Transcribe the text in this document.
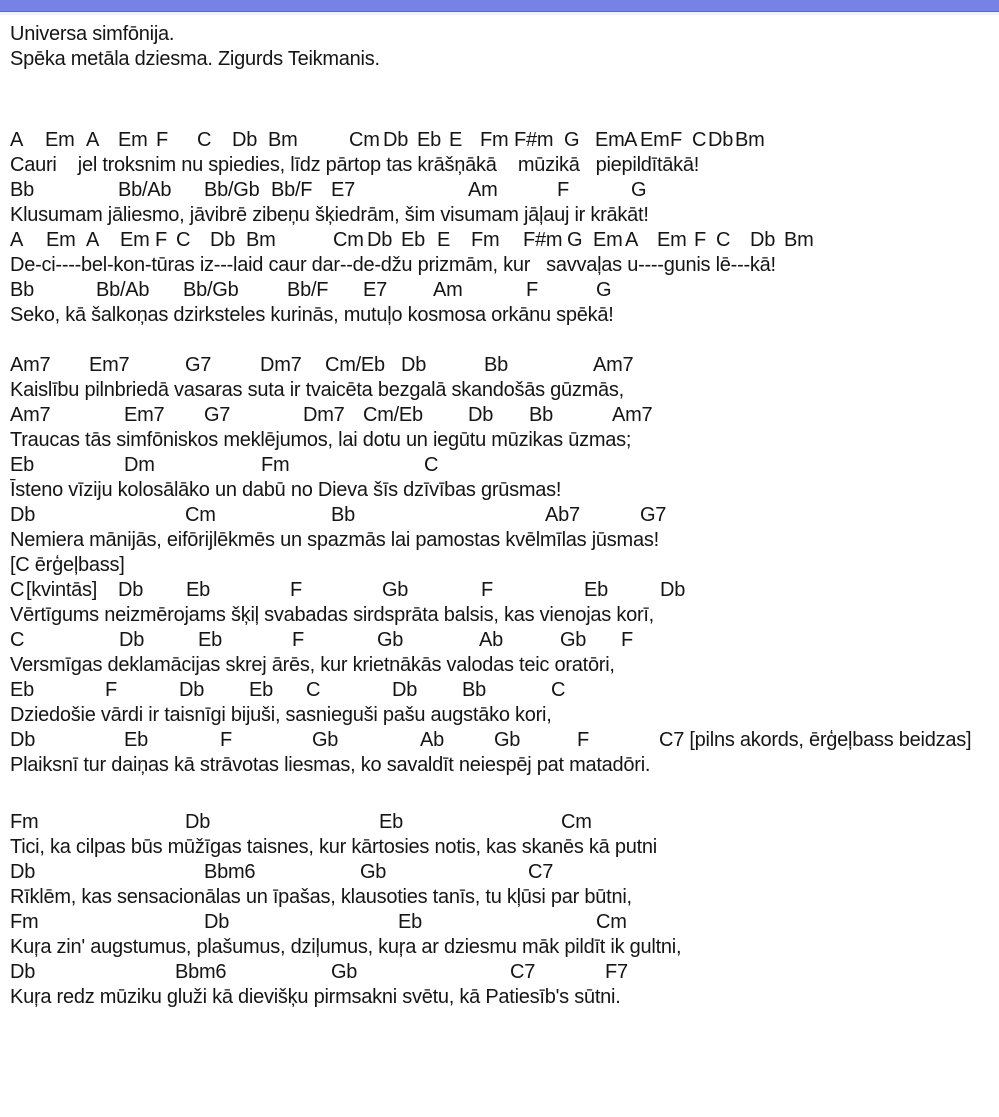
Universa simfōnija.
Spēka metāla dziesma. Zigurds Teikmanis.
A Em A Em F C Db Bm	Cm Db Eb E Fm F#m G Em A Em F C Db Bm
Cauri    jel troksnim nu spiedies, līdz pārtop tas krāšņākā    mūzikā   piepildītākā!
Bb	Bb/Ab Bb/Gb Bb/F E7	Am	F	G
Klusumam jāliesmo, jāvibrē zibeņu šķiedrām, šim visumam jāļauj ir krākāt!
A Em A Em F C Db Bm	Cm Db Eb E Fm F#m G Em A Em F C Db Bm
De-ci----bel-kon-tūras iz---laid caur dar--de-džu prizmām, kur   savvaļas u----gunis lē---kā!
Bb	Bb/Ab Bb/Gb Bb/F E7 Am	F	G
Seko, kā šalkoņas dzirksteles kurinās, mutuļo kosmosa orkānu spēkā!
Am7 Em7	G7 Dm7 Cm/Eb Db	Bb	Am7
Kaislību pilnbriedā vasaras suta ir tvaicēta bezgalā skandošās gūzmās,
Am7	Em7 G7	Dm7 Cm/Eb Db Bb	Am7
Traucas tās simfōniskos meklējumos, lai dotu un iegūtu mūzikas ūzmas;
Eb	Dm	Fm	C
Īsteno vīziju kolosālāko un dabū no Dieva šīs dzīvības grūsmas!
Db	Cm	Bb	Ab7	G7
Nemiera mānijās, eifōrijlēkmēs un spazmās lai pamostas kvēlmīlas jūsmas!
[C ērģeļbass]
C [kvintās] Db Eb	F	Gb	F	Eb	Db
Vērtīgums neizmērojams šķiļ svabadas sirdsprāta balsis, kas vienojas korī,
C	Db	Eb	F	Gb	Ab	Gb F
Versmīgas deklamācijas skrej ārēs, kur krietnākās valodas teic oratōri,
Eb	F	Db Eb C	Db Bb	C
Dziedošie vārdi ir taisnīgi bijuši, sasnieguši pašu augstāko kori,
Db	Eb	F	Gb	Ab	Gb	F	C7 [pilns akords, ērģeļbass beidzas]
Plaiksnī tur daiņas kā strāvotas liesmas, ko savaldīt neiespēj pat matadōri.
Fm	Db	Eb	Cm
Tici, ka cilpas būs mūžīgas taisnes, kur kārtosies notis, kas skanēs kā putni
Db	Bbm6	Gb	C7
Rīklēm, kas sensacionālas un īpašas, klausoties tanīs, tu kļūsi par būtni,
Fm	Db	Eb	Cm
Kuŗa zin' augstumus, plašumus, dziļumus, kuŗa ar dziesmu māk pildīt ik gultni,
Db	Bbm6	Gb	C7	F7
Kuŗa redz mūziku gluži kā dievišķu pirmsakni svētu, kā Patiesīb's sūtni.
